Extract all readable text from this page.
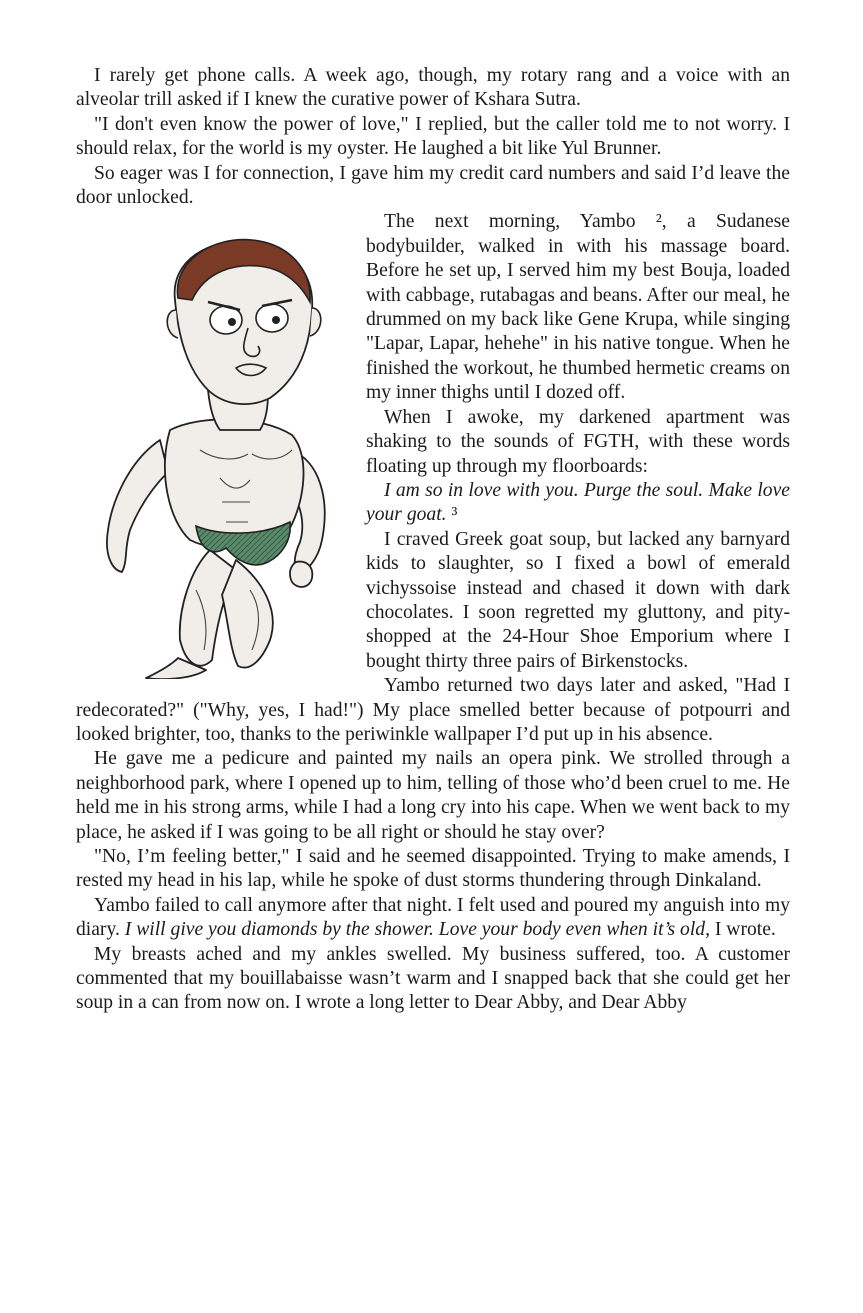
I rarely get phone calls. A week ago, though, my rotary rang and a voice with an alveolar trill asked if I knew the curative power of Kshara Sutra.

"I don't even know the power of love," I replied, but the caller told me to not worry. I should relax, for the world is my oyster. He laughed a bit like Yul Brunner.

So eager was I for connection, I gave him my credit card numbers and said I’d leave the door unlocked.

The next morning, Yambo ², a Sudanese bodybuilder, walked in with his massage board. Before he set up, I served him my best Bouja, loaded with cabbage, rutabagas and beans. After our meal, he drummed on my back like Gene Krupa, while singing "Lapar, Lapar, hehehe" in his native tongue. When he finished the workout, he thumbed hermetic creams on my inner thighs until I dozed off.

When I awoke, my darkened apartment was shaking to the sounds of FGTH, with these words floating up through my floorboards:

I am so in love with you. Purge the soul. Make love your goat. ³

I craved Greek goat soup, but lacked any barnyard kids to slaughter, so I fixed a bowl of emerald vichyssoise instead and chased it down with dark chocolates. I soon regretted my gluttony, and pity-shopped at the 24-Hour Shoe Emporium where I bought thirty three pairs of Birkenstocks.

Yambo returned two days later and asked, "Had I redecorated?" ("Why, yes, I had!") My place smelled better because of potpourri and looked brighter, too, thanks to the periwinkle wallpaper I’d put up in his absence.

He gave me a pedicure and painted my nails an opera pink. We strolled through a neighborhood park, where I opened up to him, telling of those who’d been cruel to me. He held me in his strong arms, while I had a long cry into his cape. When we went back to my place, he asked if I was going to be all right or should he stay over?

"No, I’m feeling better," I said and he seemed disappointed. Trying to make amends, I rested my head in his lap, while he spoke of dust storms thundering through Dinkaland.

Yambo failed to call anymore after that night. I felt used and poured my anguish into my diary. I will give you diamonds by the shower. Love your body even when it’s old, I wrote.

My breasts ached and my ankles swelled. My business suffered, too. A customer commented that my bouillabaisse wasn’t warm and I snapped back that she could get her soup in a can from now on. I wrote a long letter to Dear Abby, and Dear Abby
